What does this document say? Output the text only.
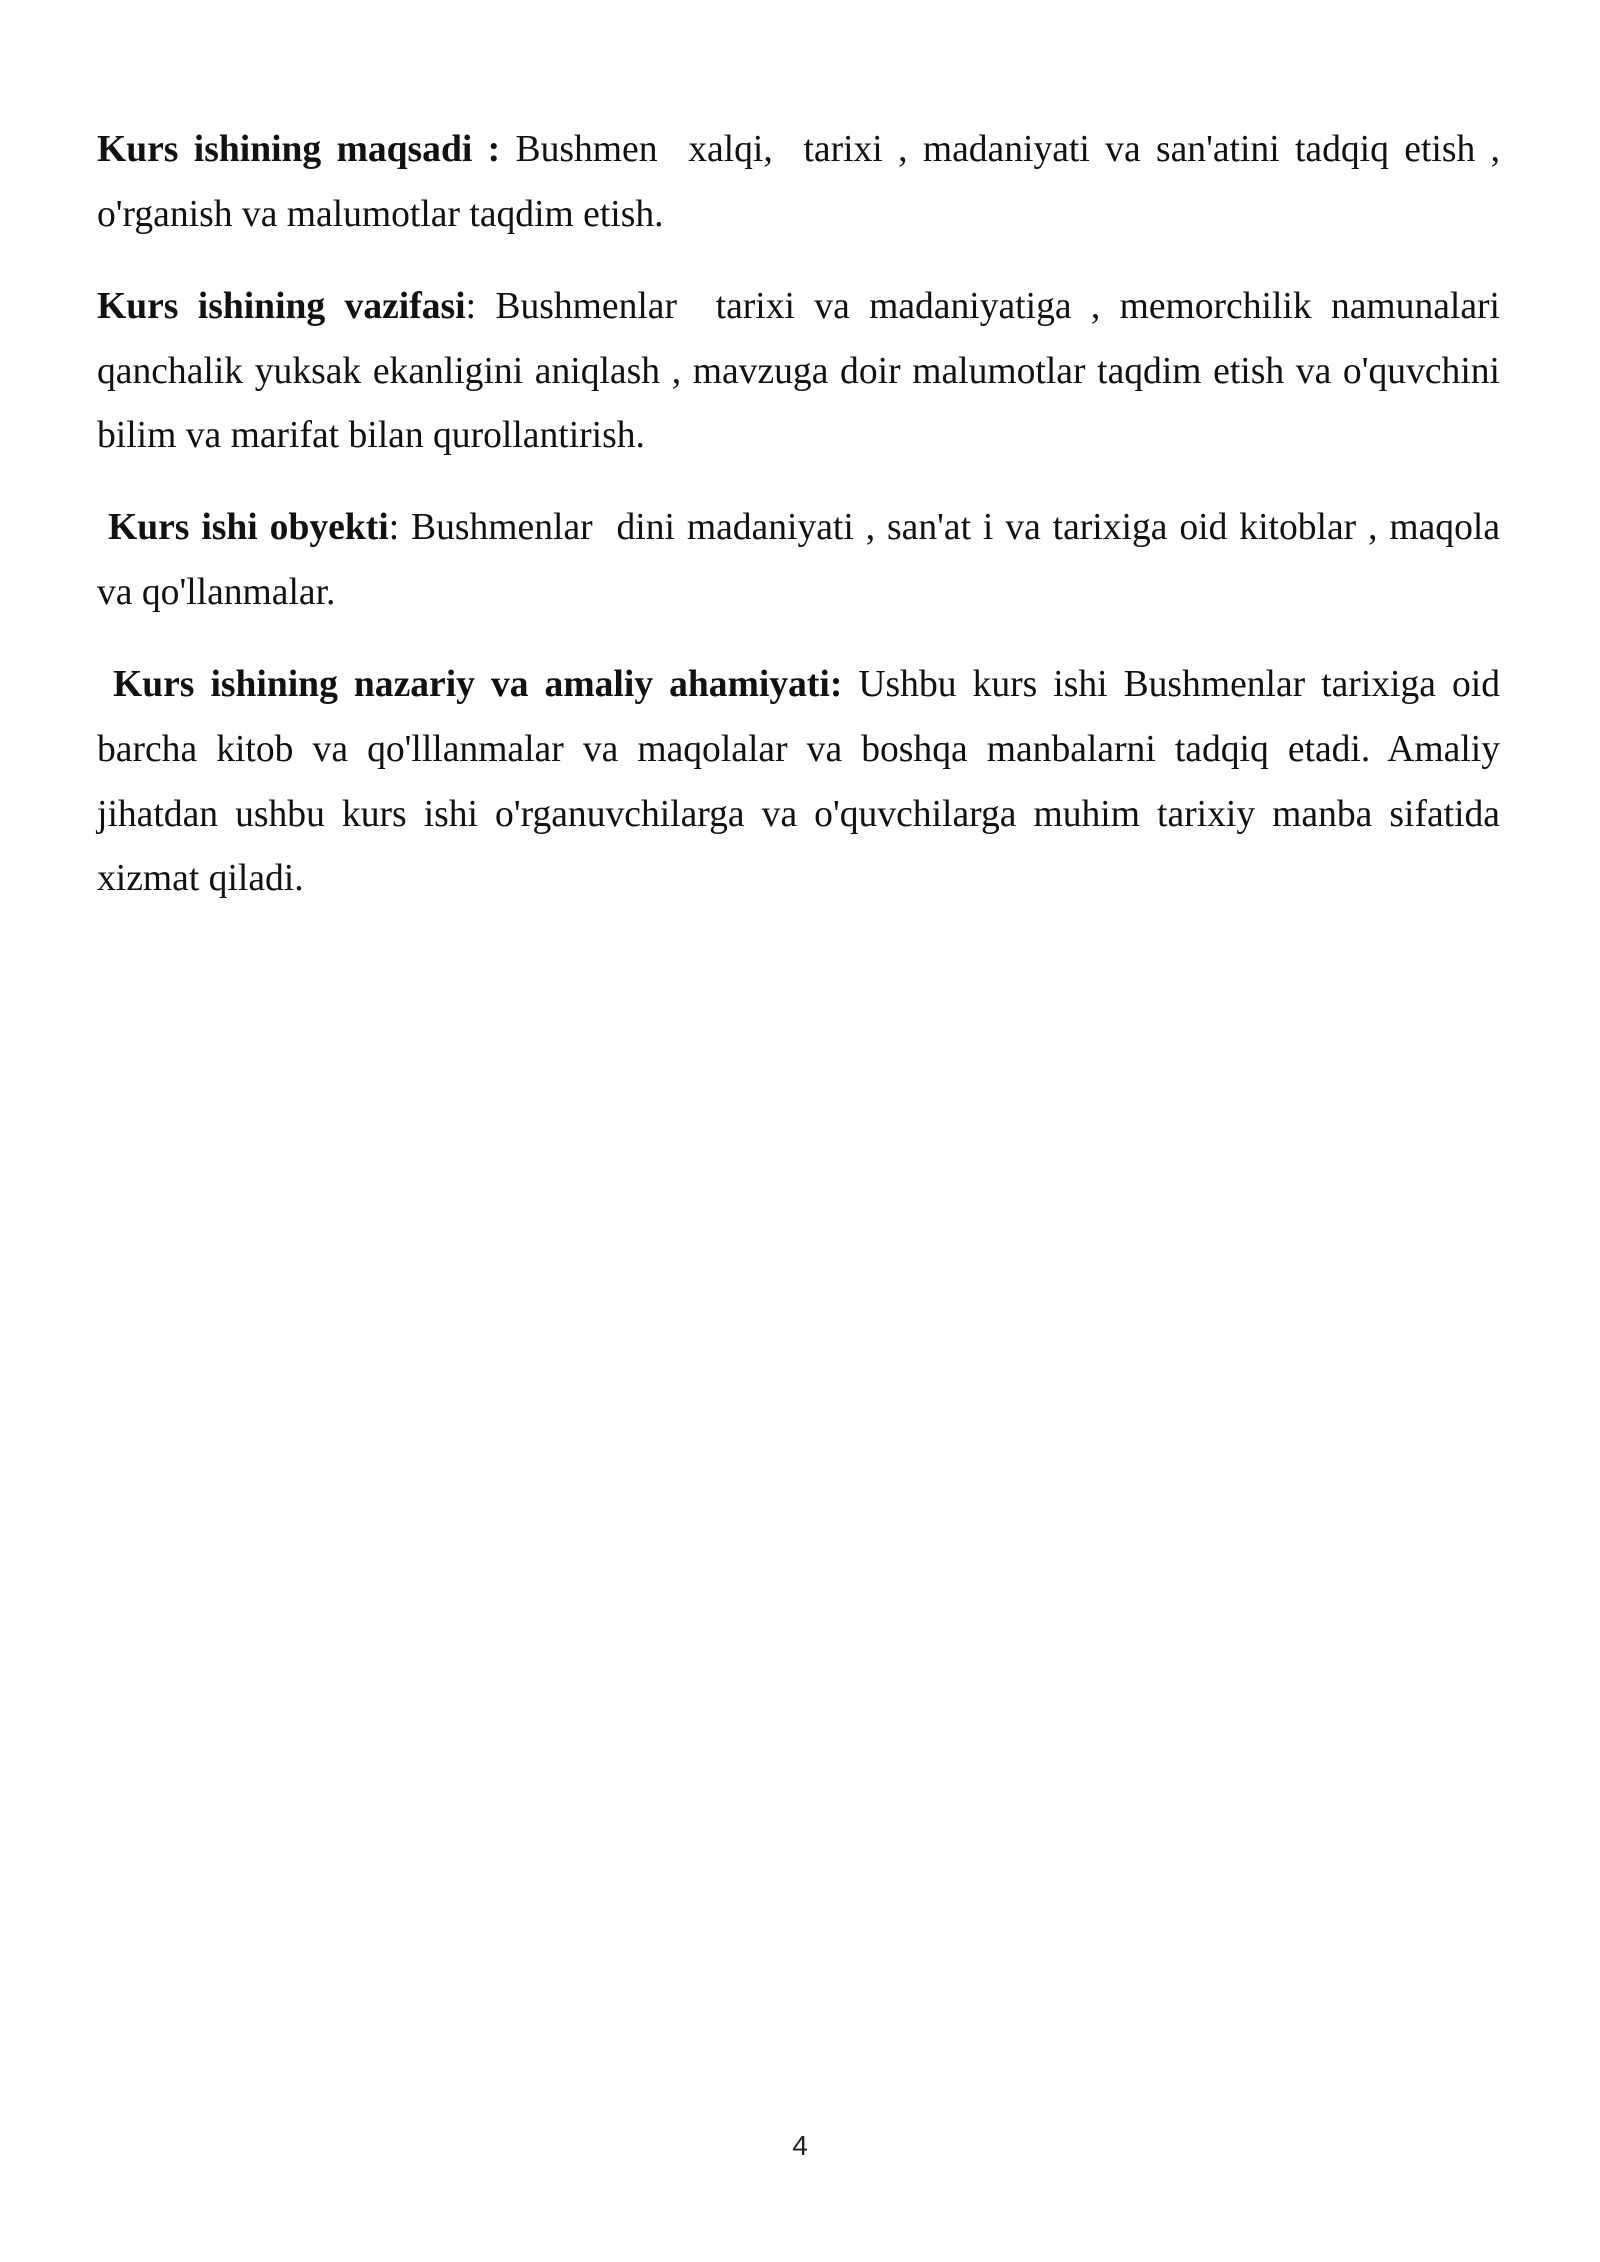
Kurs ishining maqsadi : Bushmen  xalqi,  tarixi , madaniyati va san'atini tadqiq etish ,
o'rganish va malumotlar taqdim etish.

Kurs ishining vazifasi: Bushmenlar  tarixi va madaniyatiga , memorchilik namunalari
qanchalik yuksak ekanligini aniqlash , mavzuga doir malumotlar taqdim etish va o'quvchini
bilim va marifat bilan qurollantirish.

Kurs ishi obyekti: Bushmenlar  dini madaniyati , san'at i va tarixiga oid kitoblar , maqola
va qo'llanmalar.

Kurs ishining nazariy va amaliy ahamiyati: Ushbu kurs ishi Bushmenlar tarixiga oid
barcha kitob va qo'lllanmalar va maqolalar va boshqa manbalarni tadqiq etadi. Amaliy
jihatdan ushbu kurs ishi o'rganuvchilarga va o'quvchilarga muhim tarixiy manba sifatida
xizmat qiladi.

4
